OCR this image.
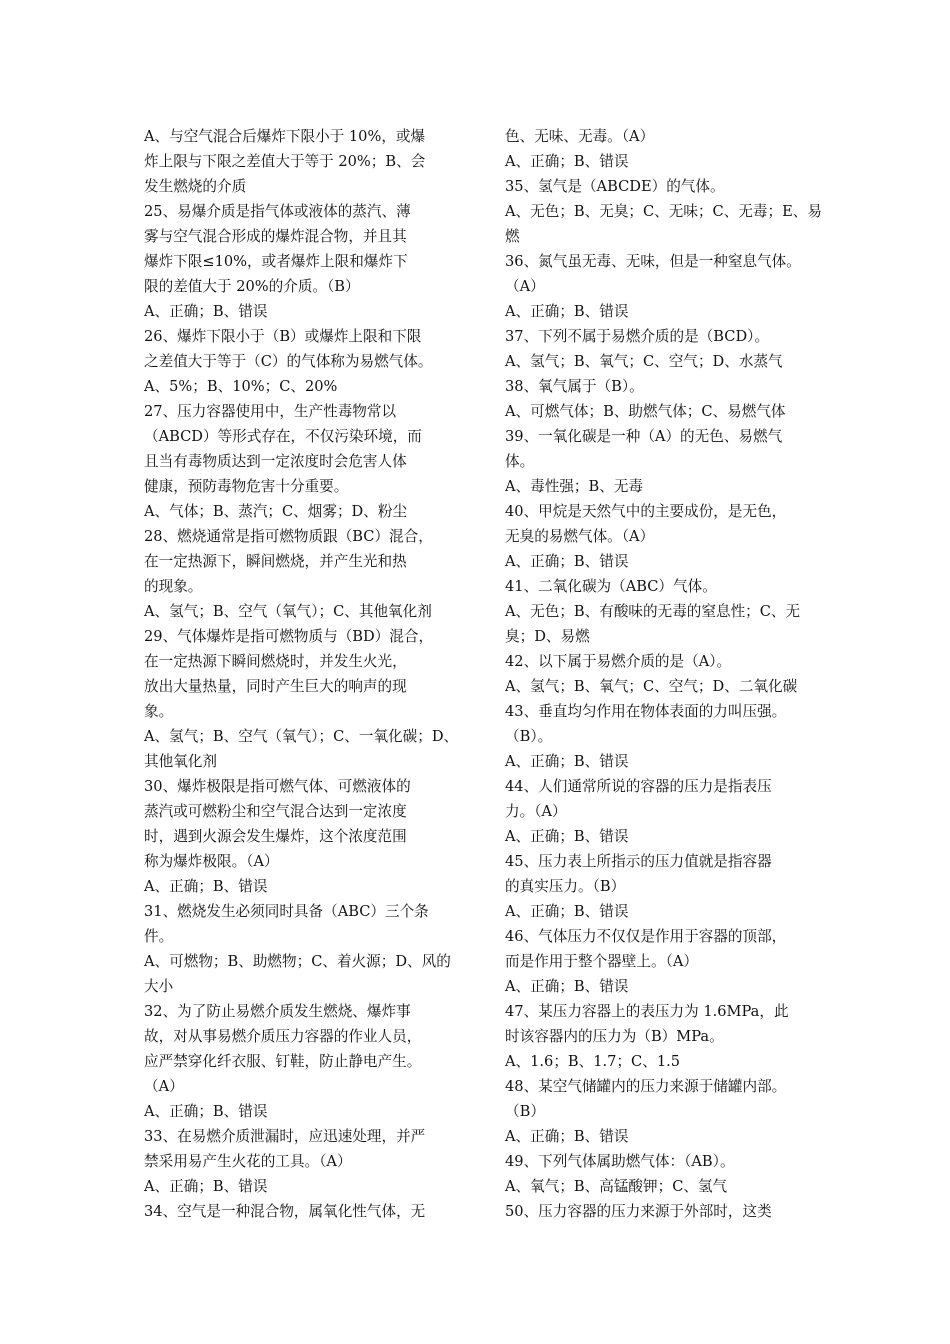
A、与空气混合后爆炸下限小于 10%，或爆
炸上限与下限之差值大于等于 20%；B、会
发生燃烧的介质
25、易爆介质是指气体或液体的蒸汽、薄
雾与空气混合形成的爆炸混合物，并且其
爆炸下限≤10%，或者爆炸上限和爆炸下
限的差值大于 20%的介质。（B）
A、正确；B、错误
26、爆炸下限小于（B）或爆炸上限和下限
之差值大于等于（C）的气体称为易燃气体。
A、5%；B、10%；C、20%
27、压力容器使用中，生产性毒物常以
（ABCD）等形式存在，不仅污染环境，而
且当有毒物质达到一定浓度时会危害人体
健康，预防毒物危害十分重要。
A、气体；B、蒸汽；C、烟雾；D、粉尘
28、燃烧通常是指可燃物质跟（BC）混合，
在一定热源下，瞬间燃烧，并产生光和热
的现象。
A、氢气；B、空气（氧气）；C、其他氧化剂
29、气体爆炸是指可燃物质与（BD）混合，
在一定热源下瞬间燃烧时，并发生火光，
放出大量热量，同时产生巨大的响声的现
象。
A、氢气；B、空气（氧气）；C、一氧化碳；D、
其他氧化剂
30、爆炸极限是指可燃气体、可燃液体的
蒸汽或可燃粉尘和空气混合达到一定浓度
时，遇到火源会发生爆炸，这个浓度范围
称为爆炸极限。（A）
A、正确；B、错误
31、燃烧发生必须同时具备（ABC）三个条
件。
A、可燃物；B、助燃物；C、着火源；D、风的
大小
32、为了防止易燃介质发生燃烧、爆炸事
故，对从事易燃介质压力容器的作业人员，
应严禁穿化纤衣服、钉鞋，防止静电产生。
（A）
A、正确；B、错误
33、在易燃介质泄漏时，应迅速处理，并严
禁采用易产生火花的工具。（A）
A、正确；B、错误
34、空气是一种混合物，属氧化性气体，无
色、无味、无毒。（A）
A、正确；B、错误
35、氢气是（ABCDE）的气体。
A、无色；B、无臭；C、无味；C、无毒；E、易
燃
36、氮气虽无毒、无味，但是一种窒息气体。
（A）
A、正确；B、错误
37、下列不属于易燃介质的是（BCD）。
A、氢气；B、氧气；C、空气；D、水蒸气
38、氧气属于（B）。
A、可燃气体；B、助燃气体；C、易燃气体
39、一氧化碳是一种（A）的无色、易燃气
体。
A、毒性强；B、无毒
40、甲烷是天然气中的主要成份，是无色，
无臭的易燃气体。（A）
A、正确；B、错误
41、二氧化碳为（ABC）气体。
A、无色；B、有酸味的无毒的窒息性；C、无
臭；D、易燃
42、以下属于易燃介质的是（A）。
A、氢气；B、氧气；C、空气；D、二氧化碳
43、垂直均匀作用在物体表面的力叫压强。
（B）。
A、正确；B、错误
44、人们通常所说的容器的压力是指表压
力。（A）
A、正确；B、错误
45、压力表上所指示的压力值就是指容器
的真实压力。（B）
A、正确；B、错误
46、气体压力不仅仅是作用于容器的顶部，
而是作用于整个器壁上。（A）
A、正确；B、错误
47、某压力容器上的表压力为 1.6MPa，此
时该容器内的压力为（B）MPa。
A、1.6；B、1.7；C、1.5
48、某空气储罐内的压力来源于储罐内部。
（B）
A、正确；B、错误
49、下列气体属助燃气体：（AB）。
A、氧气；B、高锰酸钾；C、氢气
50、压力容器的压力来源于外部时，这类
